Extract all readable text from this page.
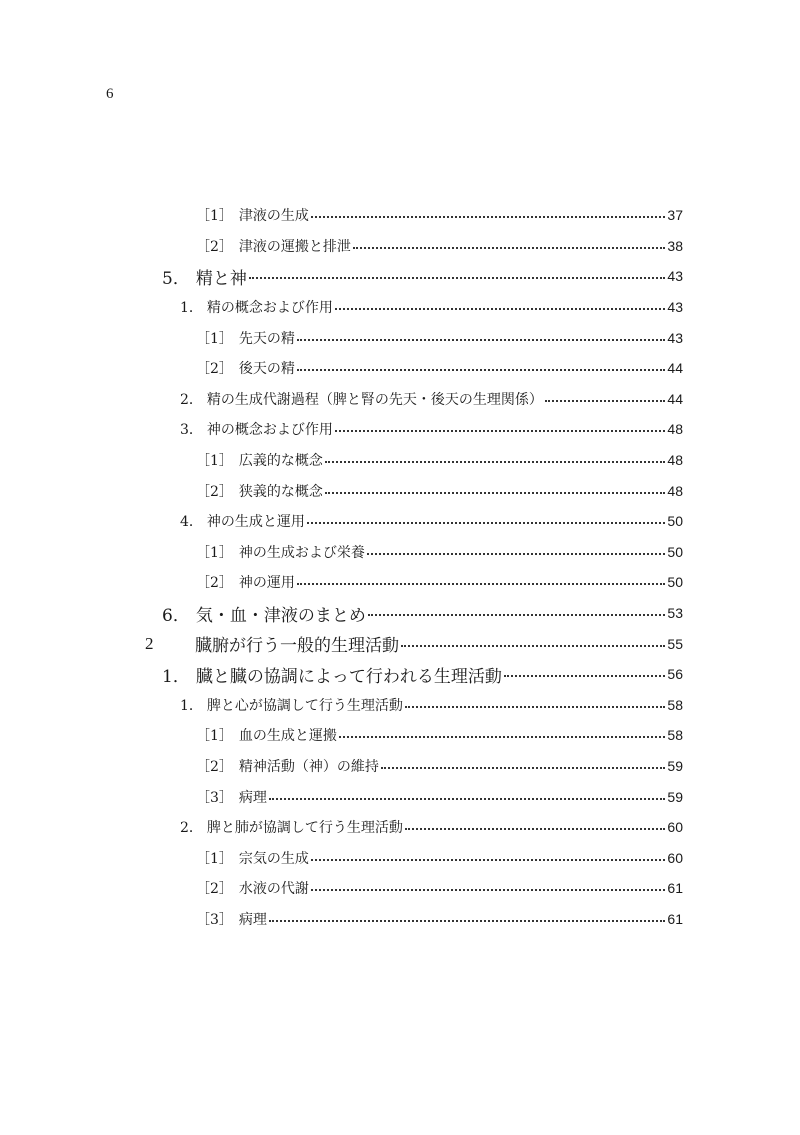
6
［1］ 津液の生成	37
［2］ 津液の運搬と排泄	38
5． 精と神	43
1． 精の概念および作用	43
［1］ 先天の精	43
［2］ 後天の精	44
2． 精の生成代謝過程（脾と腎の先天・後天の生理関係）	44
3． 神の概念および作用	48
［1］ 広義的な概念	48
［2］ 狭義的な概念	48
4． 神の生成と運用	50
［1］ 神の生成および栄養	50
［2］ 神の運用	50
6． 気・血・津液のまとめ	53
2	臓腑が行う一般的生理活動	55
1． 臓と臓の協調によって行われる生理活動	56
1． 脾と心が協調して行う生理活動	58
［1］ 血の生成と運搬	58
［2］ 精神活動（神）の維持	59
［3］ 病理	59
2． 脾と肺が協調して行う生理活動	60
［1］ 宗気の生成	60
［2］ 水液の代謝	61
［3］ 病理	61
